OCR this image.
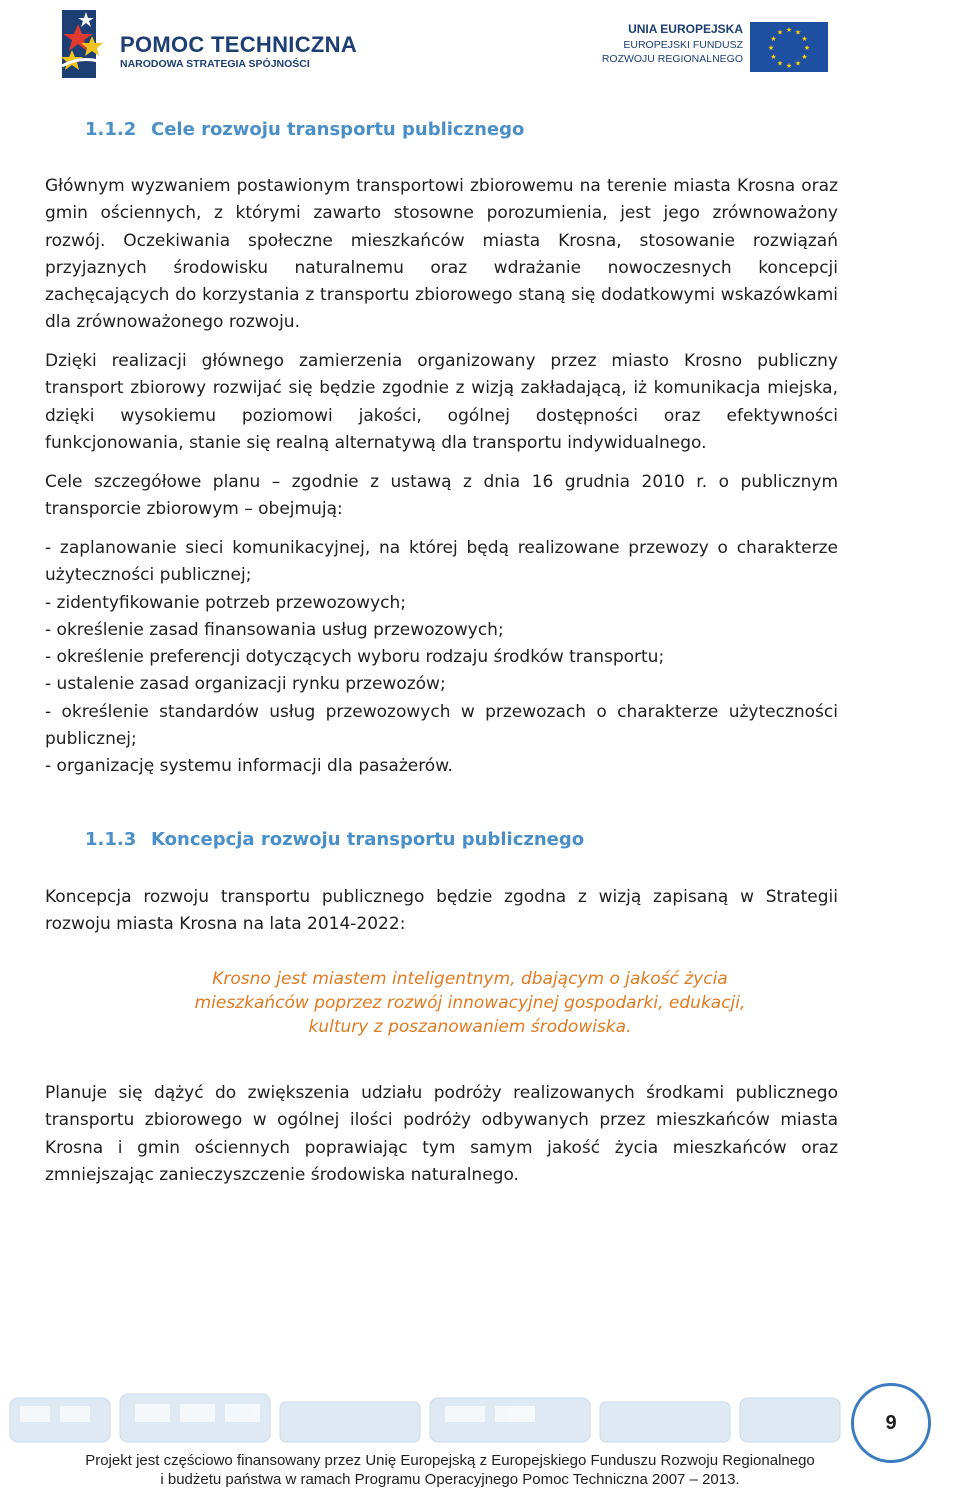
POMOC TECHNICZNA
NARODOWA STRATEGIA SPÓJNOŚCI
UNIA EUROPEJSKA
EUROPEJSKI FUNDUSZ
ROZWOJU REGIONALNEGO
★ ★
★
★
★
★
★
★
★
★
★
★
1.1.2 Cele rozwoju transportu publicznego

Głównym wyzwaniem postawionym transportowi zbiorowemu na terenie miasta Krosna oraz gmin ościennych, z którymi zawarto stosowne porozumienia, jest jego zrównoważony rozwój. Oczekiwania społeczne mieszkańców miasta Krosna, stosowanie rozwiązań przyjaznych środowisku naturalnemu oraz wdrażanie nowoczesnych koncepcji zachęcających do korzystania z transportu zbiorowego staną się dodatkowymi wskazówkami dla zrównoważonego rozwoju.

Dzięki realizacji głównego zamierzenia organizowany przez miasto Krosno publiczny transport zbiorowy rozwijać się będzie zgodnie z wizją zakładającą, iż komunikacja miejska, dzięki wysokiemu poziomowi jakości, ogólnej dostępności oraz efektywności funkcjonowania, stanie się realną alternatywą dla transportu indywidualnego.

Cele szczegółowe planu – zgodnie z ustawą z dnia 16 grudnia 2010 r. o publicznym transporcie zbiorowym – obejmują:

- zaplanowanie sieci komunikacyjnej, na której będą realizowane przewozy o charakterze użyteczności publicznej;
- zidentyfikowanie potrzeb przewozowych;
- określenie zasad finansowania usług przewozowych;
- określenie preferencji dotyczących wyboru rodzaju środków transportu;
- ustalenie zasad organizacji rynku przewozów;
- określenie standardów usług przewozowych w przewozach o charakterze użyteczności publicznej;
- organizację systemu informacji dla pasażerów.
1.1.3 Koncepcja rozwoju transportu publicznego

Koncepcja rozwoju transportu publicznego będzie zgodna z wizją zapisaną w Strategii rozwoju miasta Krosna na lata 2014-2022:

Krosno jest miastem inteligentnym, dbającym o jakość życia
mieszkańców poprzez rozwój innowacyjnej gospodarki, edukacji,
kultury z poszanowaniem środowiska.

Planuje się dążyć do zwiększenia udziału podróży realizowanych środkami publicznego transportu zbiorowego w ogólnej ilości podróży odbywanych przez mieszkańców miasta Krosna i gmin ościennych poprawiając tym samym jakość życia mieszkańców oraz zmniejszając zanieczyszczenie środowiska naturalnego.

Projekt jest częściowo finansowany przez Unię Europejską z Europejskiego Funduszu Rozwoju Regionalnego
i budżetu państwa w ramach Programu Operacyjnego Pomoc Techniczna 2007 – 2013.
9
